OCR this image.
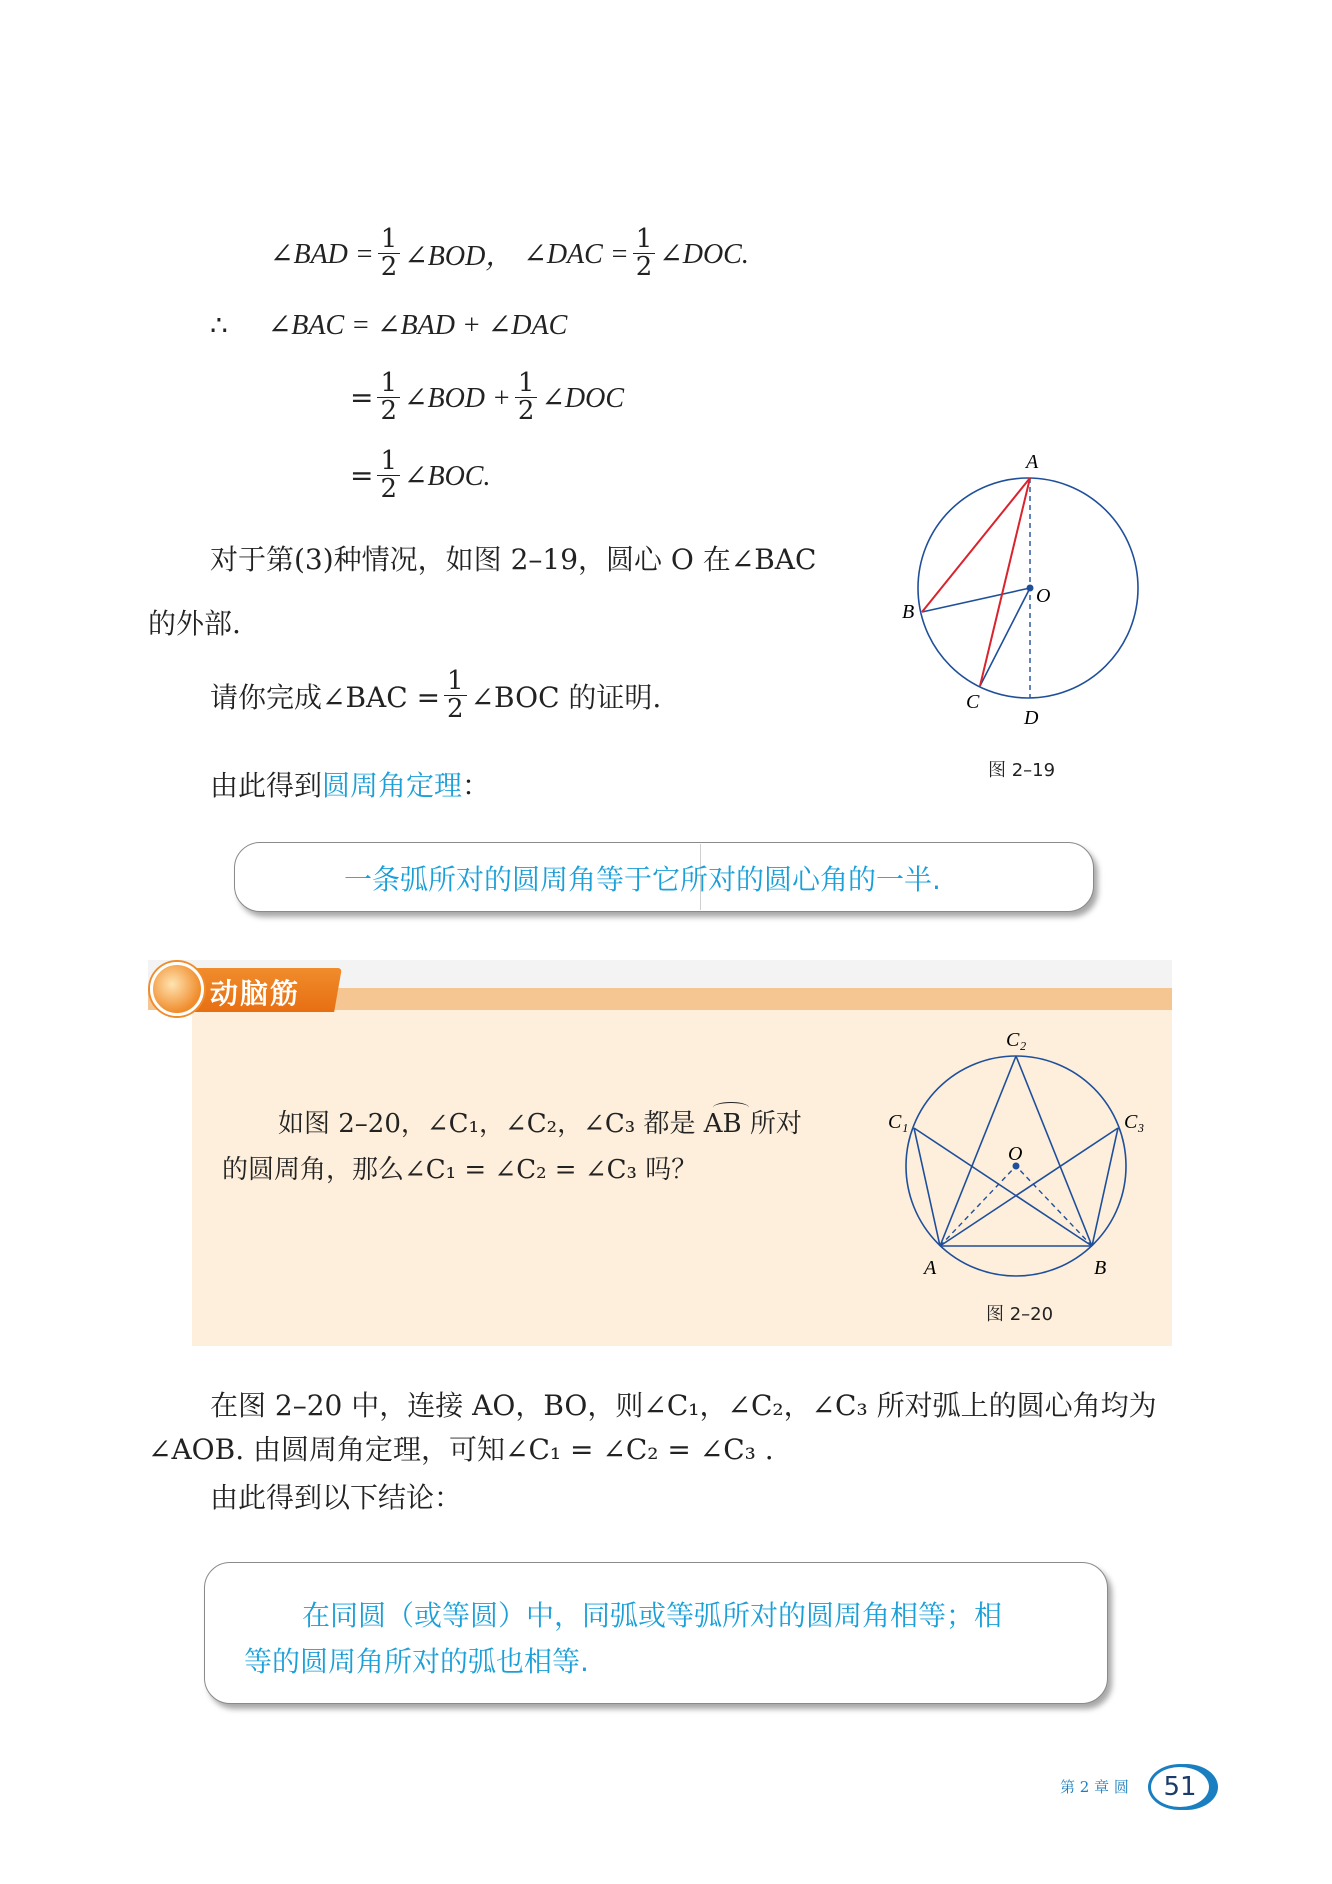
∠BAD = $\frac{1}{2}$ ∠BOD， ∠DAC = $\frac{1}{2}$ ∠DOC.
∴ ∠BAC = ∠BAD + ∠DAC
= $\frac{1}{2}$ ∠BOD + $\frac{1}{2}$ ∠DOC
= $\frac{1}{2}$ ∠BOC.
对于第(3)种情况，如图 2–19，圆心 O 在∠BAC
的外部.
请你完成∠BAC = $\frac{1}{2}$ ∠BOC 的证明.
由此得到圆周角定理：
A
B
O
C
D
图 2–19
一条弧所对的圆周角等于它所对的圆心角的一半.
动脑筋
如图 2–20，∠C₁，∠C₂，∠C₃ 都是 AB 所对
的圆周角，那么∠C₁ = ∠C₂ = ∠C₃ 吗？
C₂
C₁	C₃
O
A	B
图 2–20
在图 2–20 中，连接 AO，BO，则∠C₁，∠C₂，∠C₃ 所对弧上的圆心角均为
∠AOB. 由圆周角定理，可知∠C₁ = ∠C₂ = ∠C₃ .
由此得到以下结论：
在同圆（或等圆）中，同弧或等弧所对的圆周角相等；相
等的圆周角所对的弧也相等.
第 2 章 圆	51
